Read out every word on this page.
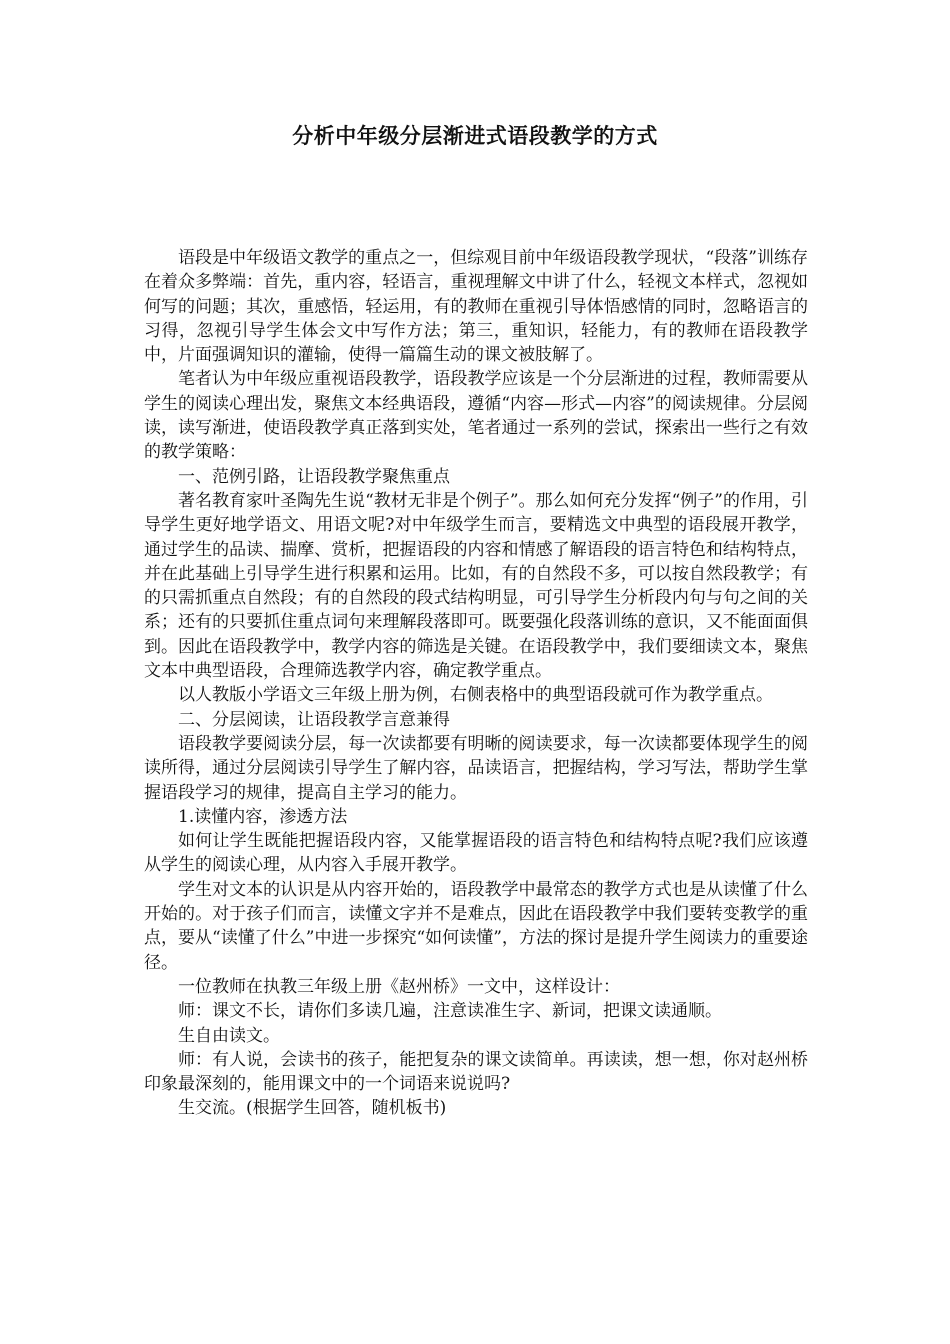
分析中年级分层渐进式语段教学的方式

语段是中年级语文教学的重点之一，但综观目前中年级语段教学现状，“段落”训练存在着众多弊端：首先，重内容，轻语言，重视理解文中讲了什么，轻视文本样式，忽视如何写的问题；其次，重感悟，轻运用，有的教师在重视引导体悟感情的同时，忽略语言的习得，忽视引导学生体会文中写作方法；第三，重知识，轻能力，有的教师在语段教学中，片面强调知识的灌输，使得一篇篇生动的课文被肢解了。

笔者认为中年级应重视语段教学，语段教学应该是一个分层渐进的过程，教师需要从学生的阅读心理出发，聚焦文本经典语段，遵循“内容—形式—内容”的阅读规律。分层阅读，读写渐进，使语段教学真正落到实处，笔者通过一系列的尝试，探索出一些行之有效的教学策略：

一、范例引路，让语段教学聚焦重点

著名教育家叶圣陶先生说“教材无非是个例子”。那么如何充分发挥“例子”的作用，引导学生更好地学语文、用语文呢?对中年级学生而言，要精选文中典型的语段展开教学，通过学生的品读、揣摩、赏析，把握语段的内容和情感了解语段的语言特色和结构特点，并在此基础上引导学生进行积累和运用。比如，有的自然段不多，可以按自然段教学；有的只需抓重点自然段；有的自然段的段式结构明显，可引导学生分析段内句与句之间的关系；还有的只要抓住重点词句来理解段落即可。既要强化段落训练的意识，又不能面面俱到。因此在语段教学中，教学内容的筛选是关键。在语段教学中，我们要细读文本，聚焦文本中典型语段，合理筛选教学内容，确定教学重点。

以人教版小学语文三年级上册为例，右侧表格中的典型语段就可作为教学重点。

二、分层阅读，让语段教学言意兼得

语段教学要阅读分层，每一次读都要有明晰的阅读要求，每一次读都要体现学生的阅读所得，通过分层阅读引导学生了解内容，品读语言，把握结构，学习写法，帮助学生掌握语段学习的规律，提高自主学习的能力。

1.读懂内容，渗透方法

如何让学生既能把握语段内容，又能掌握语段的语言特色和结构特点呢?我们应该遵从学生的阅读心理，从内容入手展开教学。

学生对文本的认识是从内容开始的，语段教学中最常态的教学方式也是从读懂了什么开始的。对于孩子们而言，读懂文字并不是难点，因此在语段教学中我们要转变教学的重点，要从“读懂了什么”中进一步探究“如何读懂”，方法的探讨是提升学生阅读力的重要途径。

一位教师在执教三年级上册《赵州桥》一文中，这样设计：

师：课文不长，请你们多读几遍，注意读准生字、新词，把课文读通顺。

生自由读文。

师：有人说，会读书的孩子，能把复杂的课文读简单。再读读，想一想，你对赵州桥印象最深刻的，能用课文中的一个词语来说说吗?

生交流。(根据学生回答，随机板书)
